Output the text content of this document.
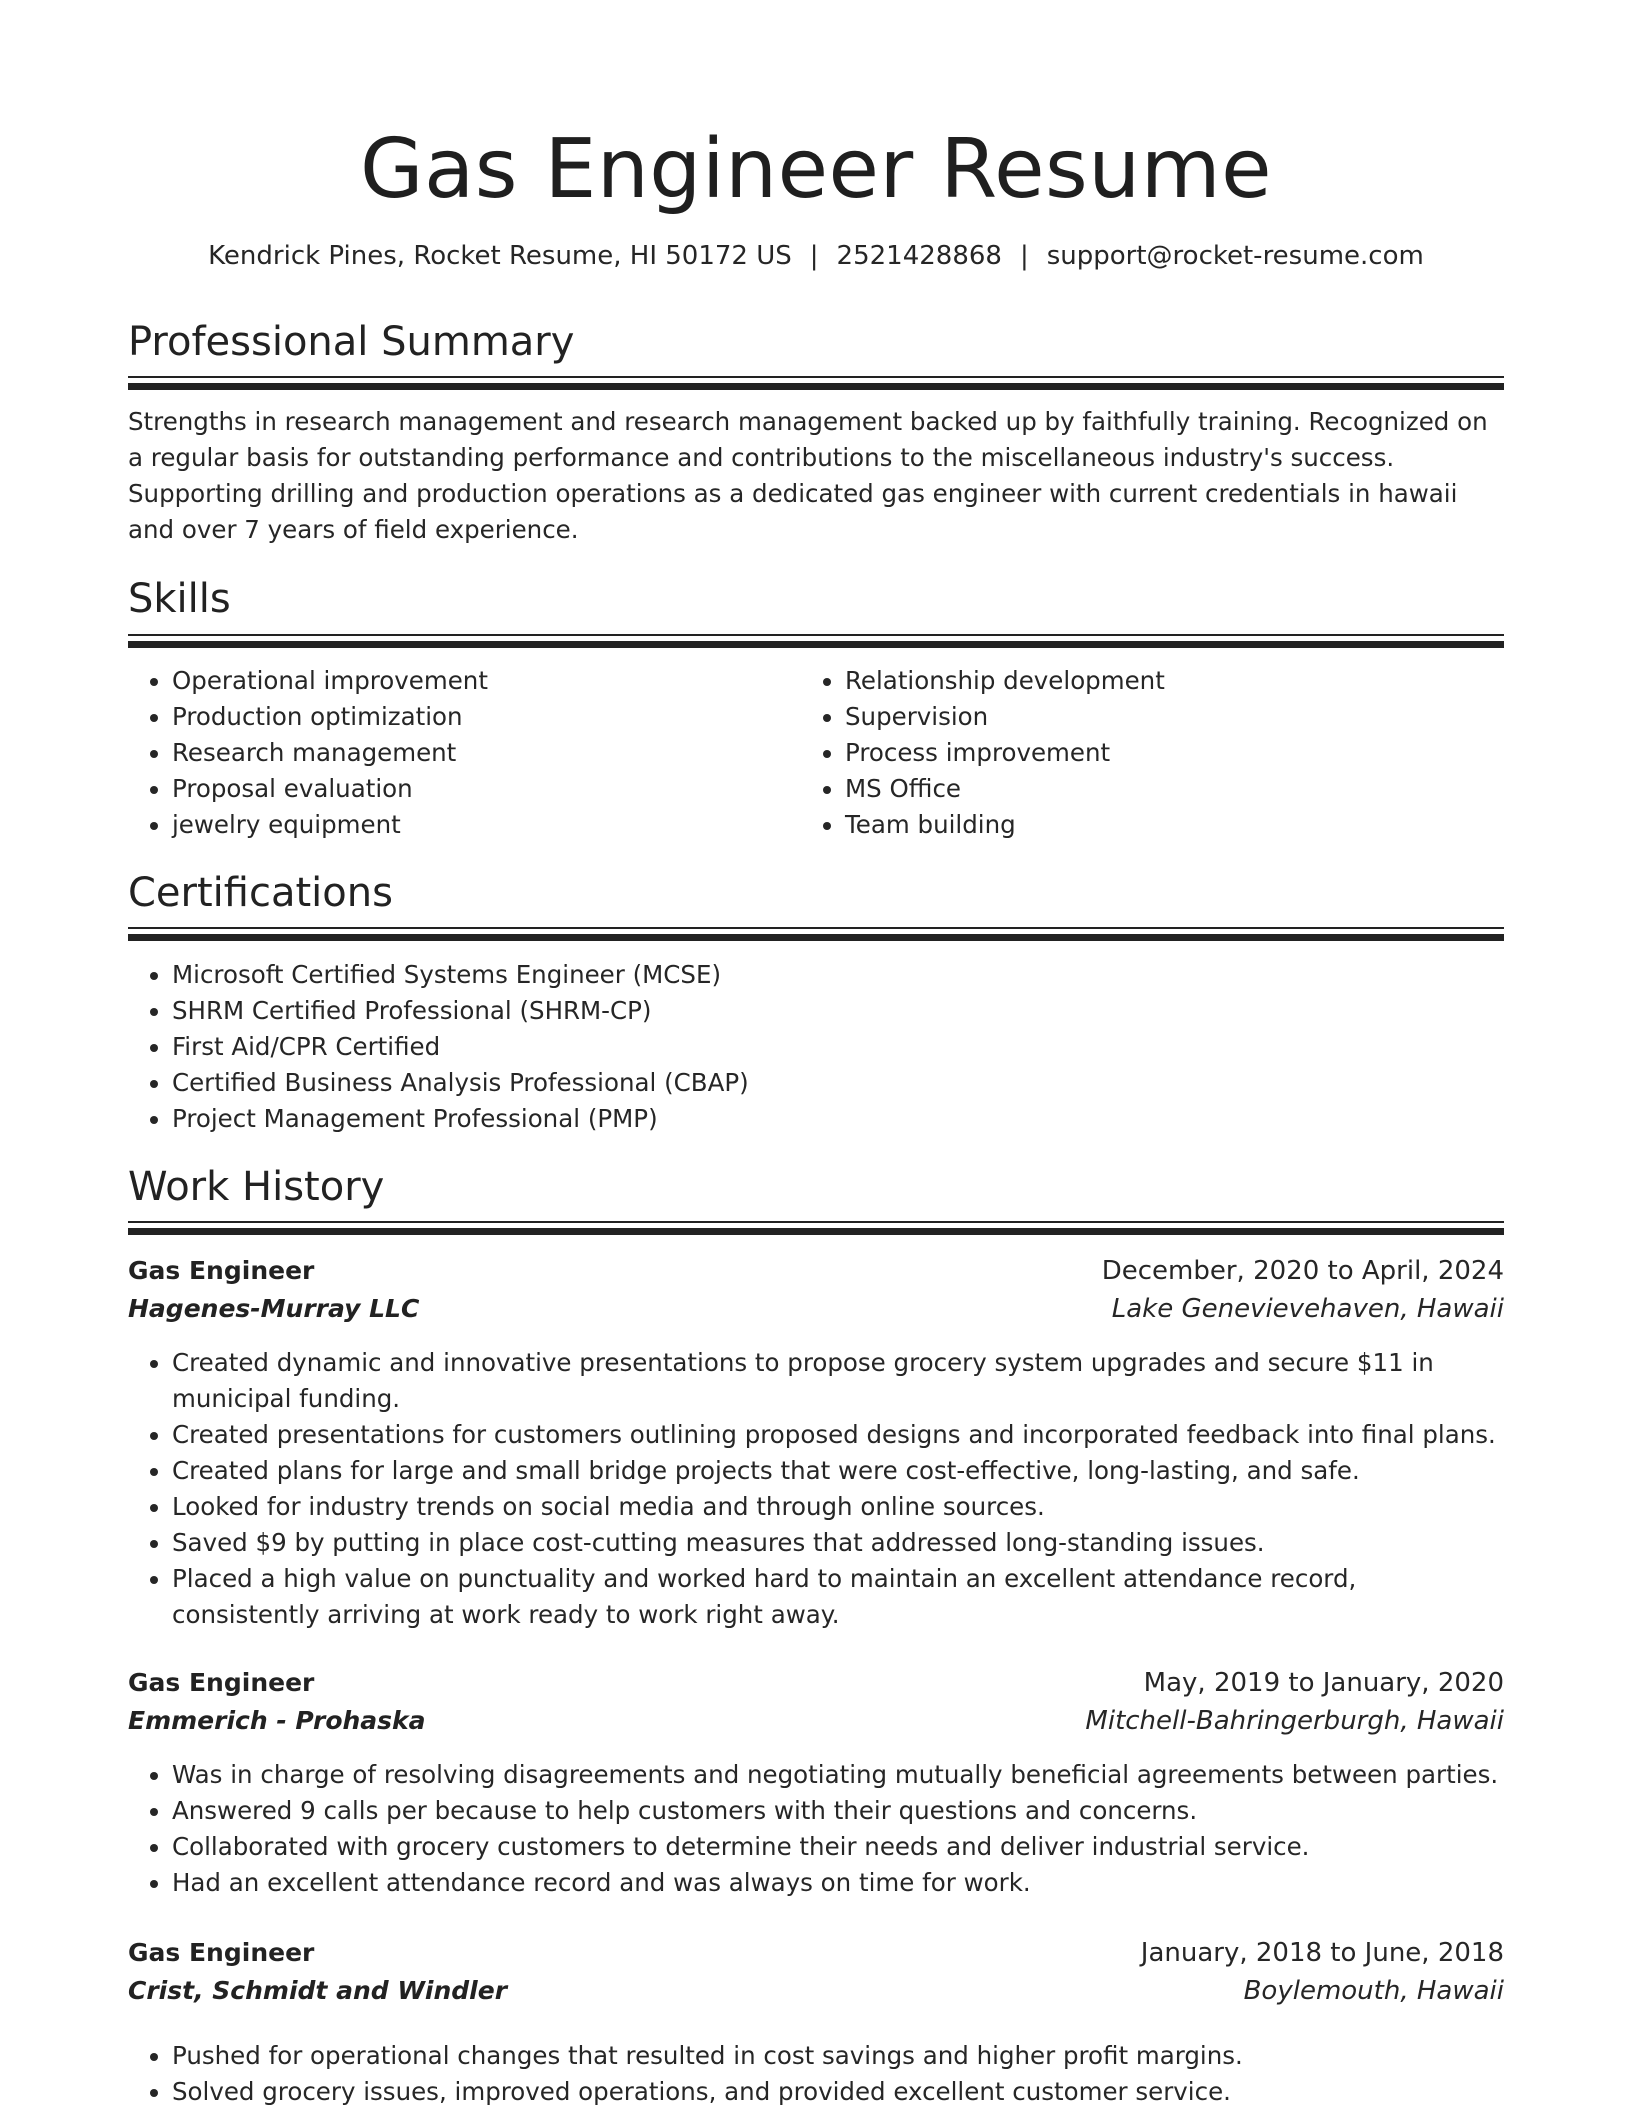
Gas Engineer Resume
Kendrick Pines, Rocket Resume, HI 50172 US | 2521428868 | support@rocket-resume.com
Professional Summary
Strengths in research management and research management backed up by faithfully training. Recognized on a regular basis for outstanding performance and contributions to the miscellaneous industry's success. Supporting drilling and production operations as a dedicated gas engineer with current credentials in hawaii and over 7 years of field experience.
Skills
• Operational improvement
• Production optimization
• Research management
• Proposal evaluation
• jewelry equipment
• Relationship development
• Supervision
• Process improvement
• MS Office
• Team building
Certifications
• Microsoft Certified Systems Engineer (MCSE)
• SHRM Certified Professional (SHRM-CP)
• First Aid/CPR Certified
• Certified Business Analysis Professional (CBAP)
• Project Management Professional (PMP)
Work History
Gas Engineer	December, 2020 to April, 2024
Hagenes-Murray LLC	Lake Genevievehaven, Hawaii
• Created dynamic and innovative presentations to propose grocery system upgrades and secure $11 in municipal funding.
• Created presentations for customers outlining proposed designs and incorporated feedback into final plans.
• Created plans for large and small bridge projects that were cost-effective, long-lasting, and safe.
• Looked for industry trends on social media and through online sources.
• Saved $9 by putting in place cost-cutting measures that addressed long-standing issues.
• Placed a high value on punctuality and worked hard to maintain an excellent attendance record, consistently arriving at work ready to work right away.
Gas Engineer	May, 2019 to January, 2020
Emmerich - Prohaska	Mitchell-Bahringerburgh, Hawaii
• Was in charge of resolving disagreements and negotiating mutually beneficial agreements between parties.
• Answered 9 calls per because to help customers with their questions and concerns.
• Collaborated with grocery customers to determine their needs and deliver industrial service.
• Had an excellent attendance record and was always on time for work.
Gas Engineer	January, 2018 to June, 2018
Crist, Schmidt and Windler	Boylemouth, Hawaii
• Pushed for operational changes that resulted in cost savings and higher profit margins.
• Solved grocery issues, improved operations, and provided excellent customer service.
